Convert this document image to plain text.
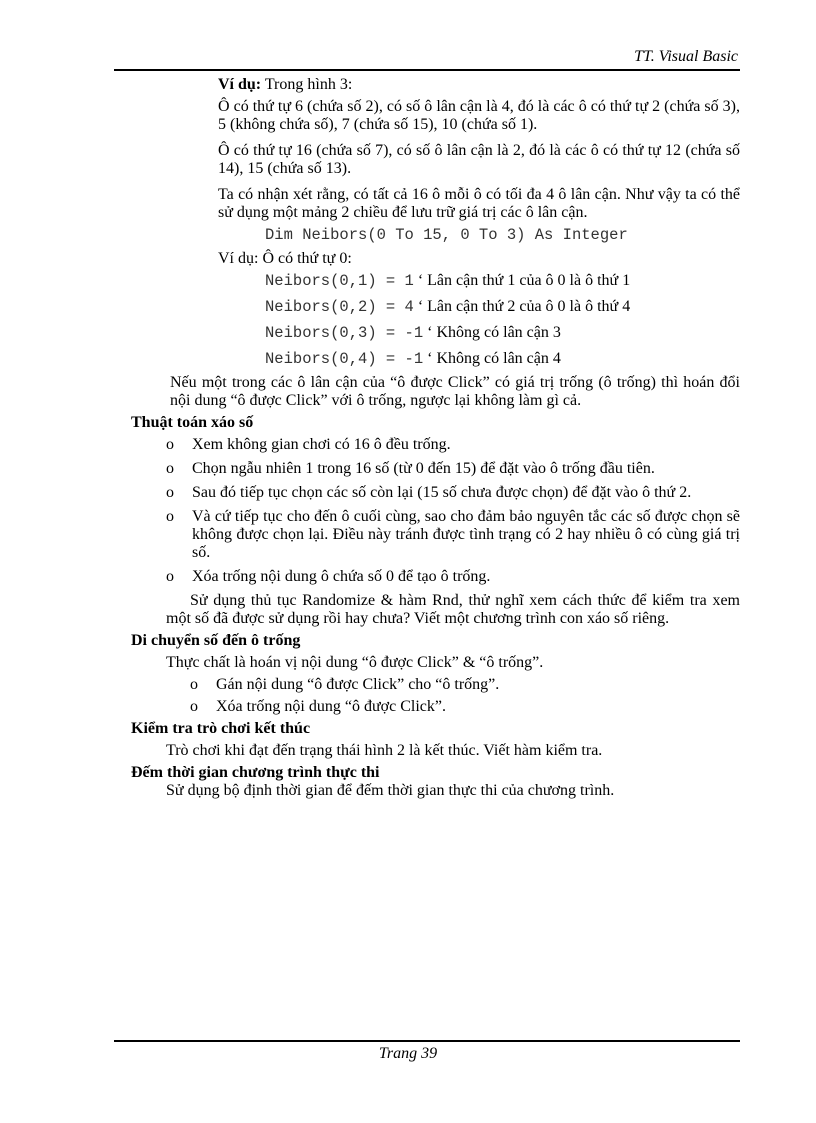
TT. Visual Basic

Ví dụ: Trong hình 3:

Ô có thứ tự 6 (chứa số 2), có số ô lân cận là 4, đó là các ô có thứ tự 2 (chứa số 3), 5 (không chứa số), 7 (chứa số 15), 10 (chứa số 1).

Ô có thứ tự 16 (chứa số 7), có số ô lân cận là 2, đó là các ô có thứ tự 12 (chứa số 14), 15 (chứa số 13).

Ta có nhận xét rằng, có tất cả 16 ô mỗi ô có tối đa 4 ô lân cận. Như vậy ta có thể sử dụng một mảng 2 chiều để lưu trữ giá trị các ô lân cận.

Dim Neibors(0 To 15, 0 To 3) As Integer

Ví dụ: Ô có thứ tự 0:

Neibors(0,1) = 1 ‘ Lân cận thứ 1 của ô 0 là ô thứ 1
Neibors(0,2) = 4 ‘ Lân cận thứ 2 của ô 0 là ô thứ 4
Neibors(0,3) = -1 ‘ Không có lân cận 3
Neibors(0,4) = -1 ‘ Không có lân cận 4

Nếu một trong các ô lân cận của “ô được Click” có giá trị trống (ô trống) thì hoán đổi nội dung “ô được Click” với ô trống, ngược lại không làm gì cả.

Thuật toán xáo số
o Xem không gian chơi có 16 ô đều trống.
o Chọn ngẫu nhiên 1 trong 16 số (từ 0 đến 15) để đặt vào ô trống đầu tiên.
o Sau đó tiếp tục chọn các số còn lại (15 số chưa được chọn) để đặt vào ô thứ 2.
o Và cứ tiếp tục cho đến ô cuối cùng, sao cho đảm bảo nguyên tắc các số được chọn sẽ không được chọn lại. Điều này tránh được tình trạng có 2 hay nhiều ô có cùng giá trị số.
o Xóa trống nội dung ô chứa số 0 để tạo ô trống.

Sử dụng thủ tục Randomize & hàm Rnd, thử nghĩ xem cách thức để kiểm tra xem một số đã được sử dụng rồi hay chưa? Viết một chương trình con xáo số riêng.

Di chuyển số đến ô trống
Thực chất là hoán vị nội dung “ô được Click” & “ô trống”.
o Gán nội dung “ô được Click” cho “ô trống”.
o Xóa trống nội dung “ô được Click”.
Kiểm tra trò chơi kết thúc
Trò chơi khi đạt đến trạng thái hình 2 là kết thúc. Viết hàm kiểm tra.
Đếm thời gian chương trình thực thi
Sử dụng bộ định thời gian để đếm thời gian thực thi của chương trình.
Trang 39
